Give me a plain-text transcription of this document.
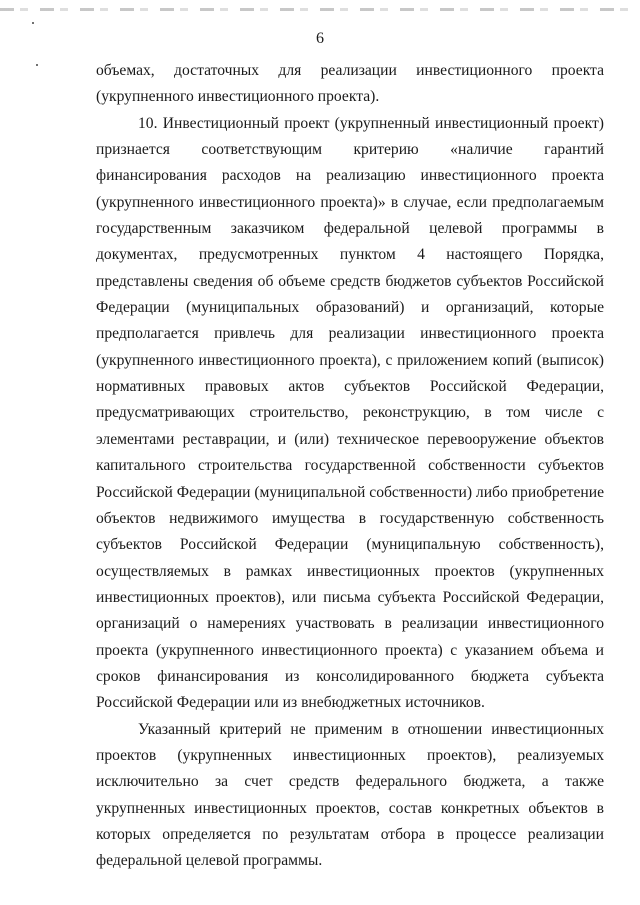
6

объемах, достаточных для реализации инвестиционного проекта (укрупненного инвестиционного проекта).

10. Инвестиционный проект (укрупненный инвестиционный проект) признается соответствующим критерию «наличие гарантий финансирования расходов на реализацию инвестиционного проекта (укрупненного инвестиционного проекта)» в случае, если предполагаемым государственным заказчиком федеральной целевой программы в документах, предусмотренных пунктом 4 настоящего Порядка, представлены сведения об объеме средств бюджетов субъектов Российской Федерации (муниципальных образований) и организаций, которые предполагается привлечь для реализации инвестиционного проекта (укрупненного инвестиционного проекта), с приложением копий (выписок) нормативных правовых актов субъектов Российской Федерации, предусматривающих строительство, реконструкцию, в том числе с элементами реставрации, и (или) техническое перевооружение объектов капитального строительства государственной собственности субъектов Российской Федерации (муниципальной собственности) либо приобретение объектов недвижимого имущества в государственную собственность субъектов Российской Федерации (муниципальную собственность), осуществляемых в рамках инвестиционных проектов (укрупненных инвестиционных проектов), или письма субъекта Российской Федерации, организаций о намерениях участвовать в реализации инвестиционного проекта (укрупненного инвестиционного проекта) с указанием объема и сроков финансирования из консолидированного бюджета субъекта Российской Федерации или из внебюджетных источников.

Указанный критерий не применим в отношении инвестиционных проектов (укрупненных инвестиционных проектов), реализуемых исключительно за счет средств федерального бюджета, а также укрупненных инвестиционных проектов, состав конкретных объектов в которых определяется по результатам отбора в процессе реализации федеральной целевой программы.
